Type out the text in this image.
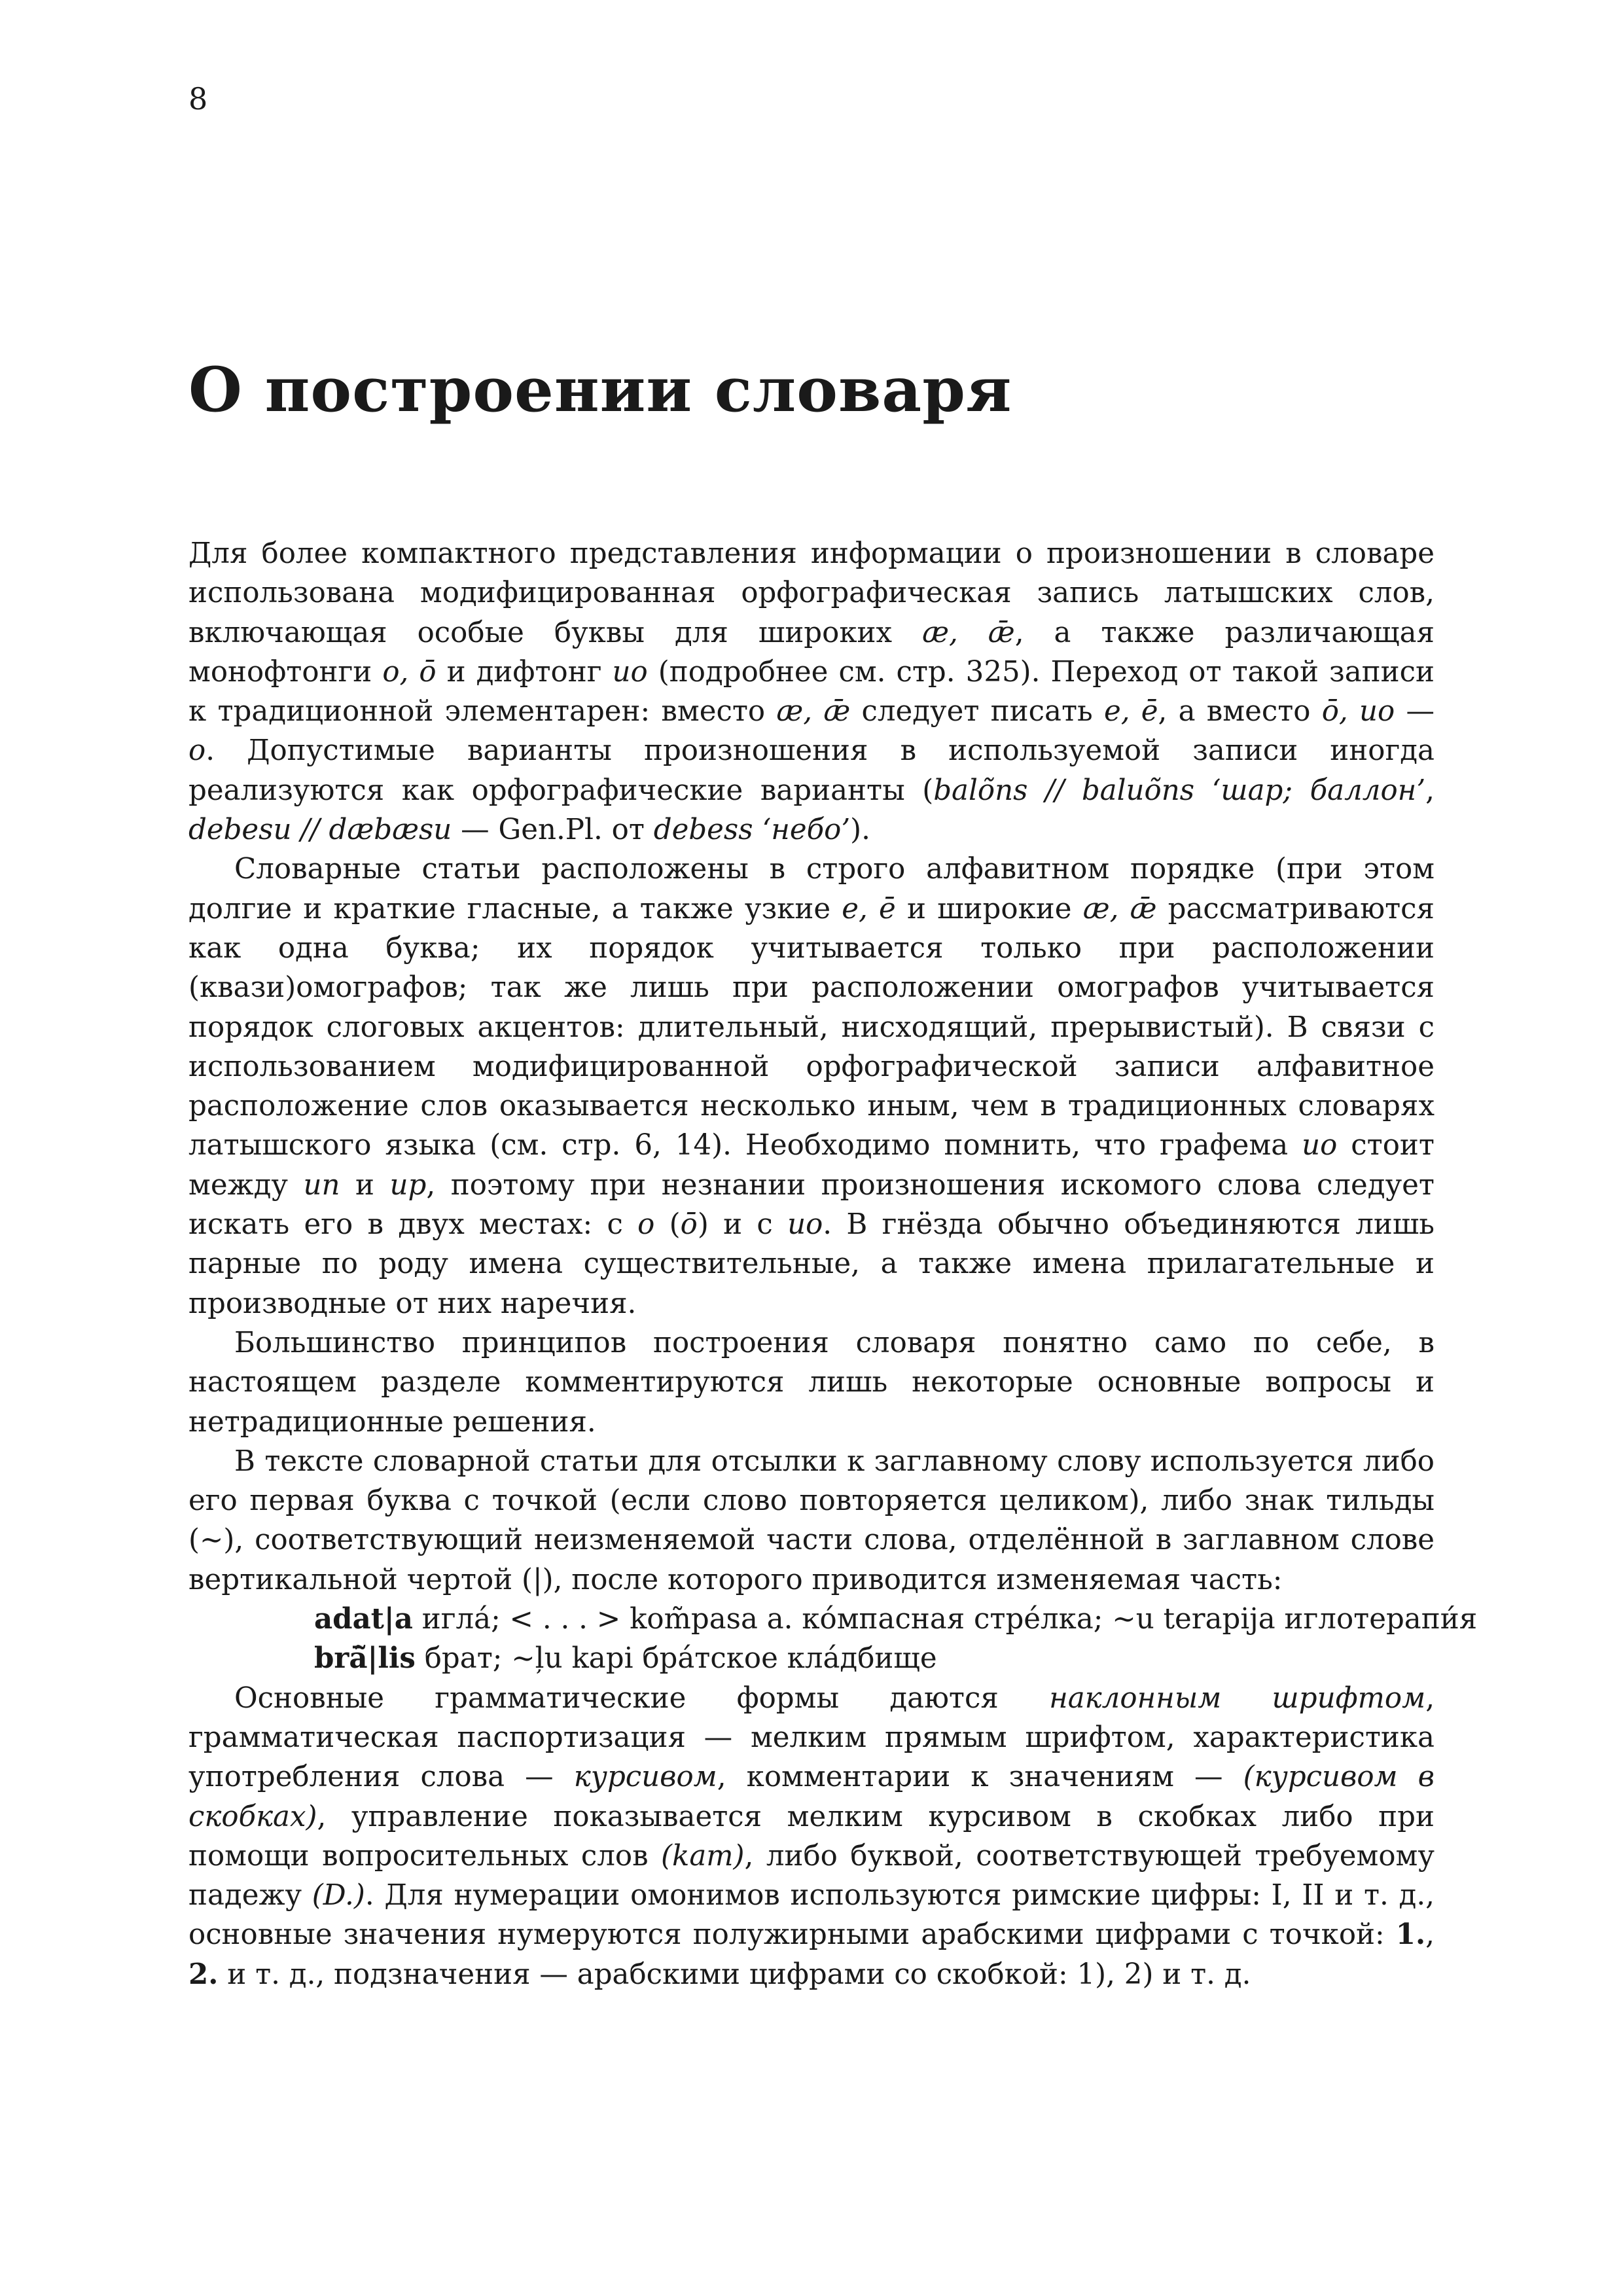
8
О построении словаря

Для более компактного представления информации о произношении в словаре использована модифицированная орфографическая запись латышских слов, включающая особые буквы для широких æ, ǣ, а также различающая монофтонги o, ō и дифтонг uo (подробнее см. стр. 325). Переход от такой записи к традиционной элементарен: вместо æ, ǣ следует писать e, ē, а вместо ō, uo — o. Допустимые варианты произношения в используемой записи иногда реализуются как орфографические варианты (balõns // baluõns ‘шар; баллон’, debesu // dæbæsu — Gen.Pl. от debess ‘небо’).

Словарные статьи расположены в строго алфавитном порядке (при этом долгие и краткие гласные, а также узкие e, ē и широкие æ, ǣ рассматриваются как одна буква; их порядок учитывается только при расположении (квази)омографов; так же лишь при расположении омографов учитывается порядок слоговых акцентов: длительный, нисходящий, прерывистый). В связи с использованием модифицированной орфографической записи алфавитное расположение слов оказывается несколько иным, чем в традиционных словарях латышского языка (см. стр. 6, 14). Необходимо помнить, что графема uo стоит между un и up, поэтому при незнании произношения искомого слова следует искать его в двух местах: с o (ō) и с uo. В гнёзда обычно объединяются лишь парные по роду имена существительные, а также имена прилагательные и производные от них наречия.

Большинство принципов построения словаря понятно само по себе, в настоящем разделе комментируются лишь некоторые основные вопросы и нетрадиционные решения.

В тексте словарной статьи для отсылки к заглавному слову используется либо его первая буква с точкой (если слово повторяется целиком), либо знак тильды (∼), соответствующий неизменяемой части слова, отделённой в заглавном слове вертикальной чертой (|), после которого приводится изменяемая часть:

adat|a иглá; < . . . > kom̃pasa a. кóмпасная стрéлка; ∼u terapija иглотерапи́я
brā̃|lis брат; ∼ļu kapi брáтское клáдбище

Основные грамматические формы даются наклонным шрифтом, грамматическая паспортизация — мелким прямым шрифтом, характеристика употребления слова — курсивом, комментарии к значениям — (курсивом в скобках), управление показывается мелким курсивом в скобках либо при помощи вопросительных слов (kam), либо буквой, соответствующей требуемому падежу (D.). Для нумерации омонимов используются римские цифры: I, II и т. д., основные значения нумеруются полужирными арабскими цифрами с точкой: 1., 2. и т. д., подзначения — арабскими цифрами со скобкой: 1), 2) и т. д.
